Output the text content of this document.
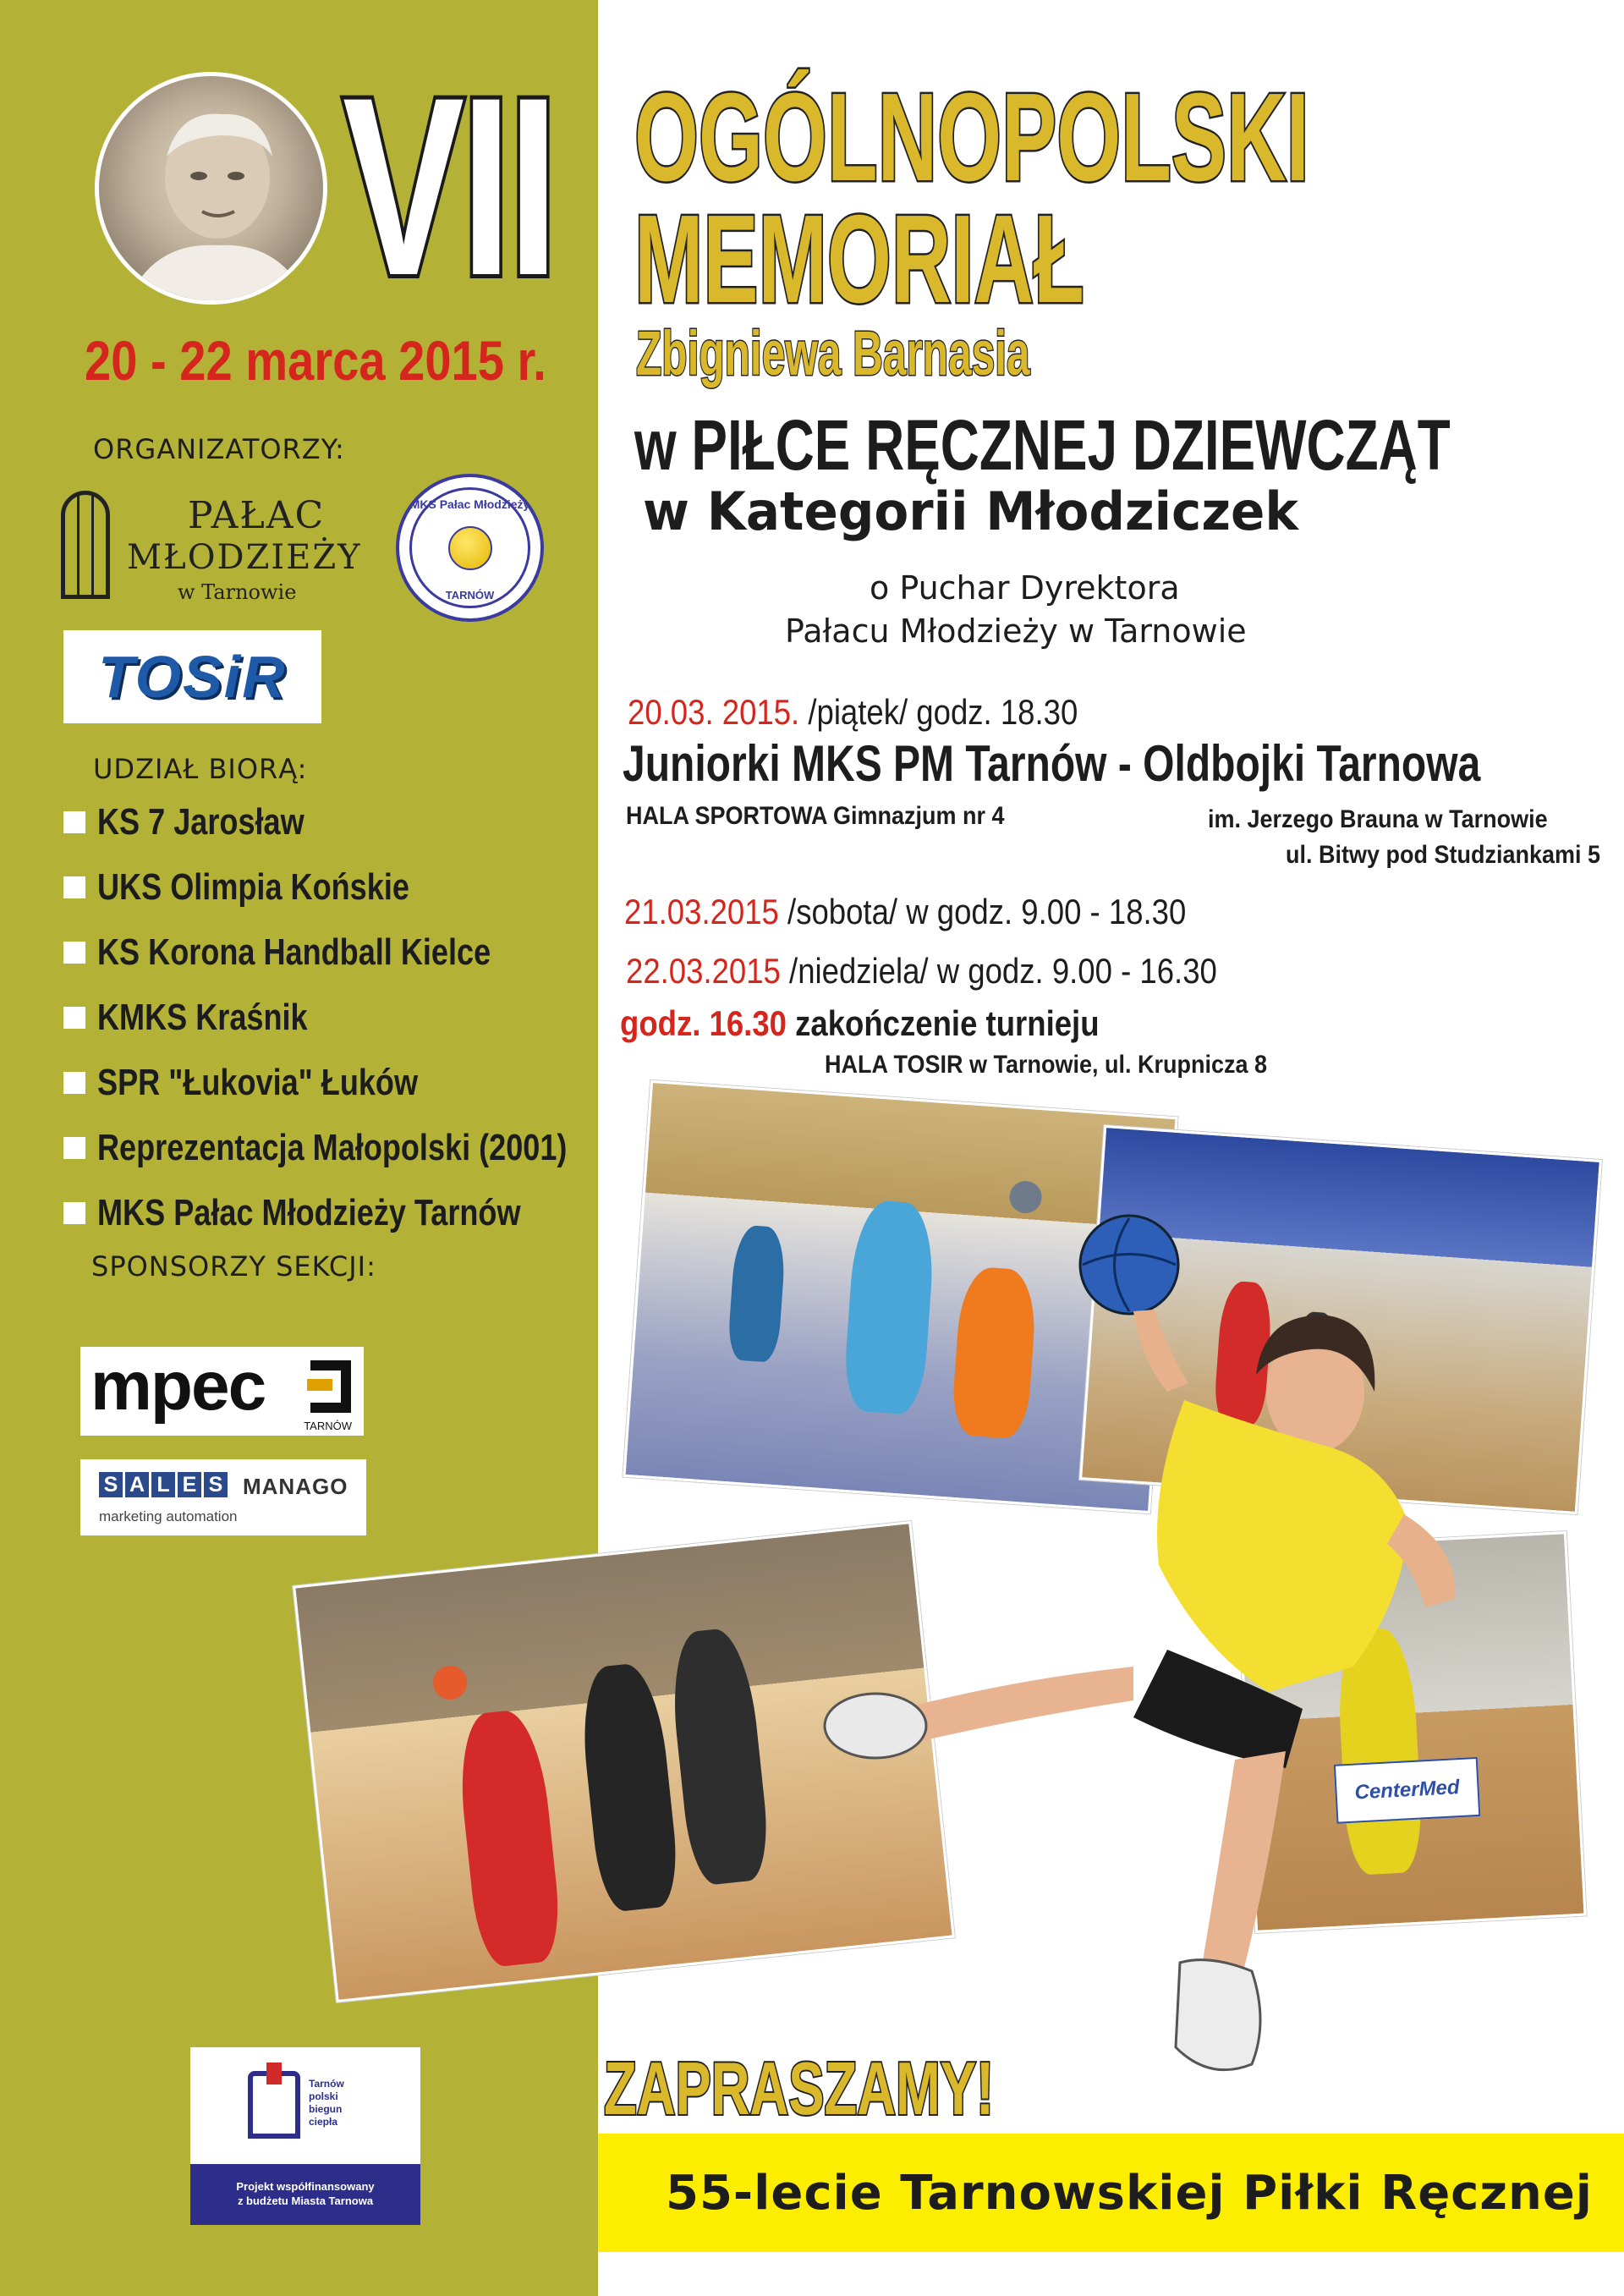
VII
20 - 22 marca 2015 r.
ORGANIZATORZY:
PAŁAC
MŁODZIEŻY
w Tarnowie
MKS Pałac Młodzieży
TARNÓW
TOSiR
UDZIAŁ BIORĄ:
KS 7 Jarosław
UKS Olimpia Końskie
KS Korona Handball Kielce
KMKS Kraśnik
SPR "Łukovia" Łuków
Reprezentacja Małopolski (2001)
MKS Pałac Młodzieży Tarnów
SPONSORZY SEKCJI:
mpec
TARNÓW
S A L E S MANAGO
marketing automation
Tarnów
polski
biegun
ciepła
Projekt współfinansowany
z budżetu Miasta Tarnowa
OGÓLNOPOLSKI
MEMORIAŁ
Zbigniewa Barnasia
w PIŁCE RĘCZNEJ DZIEWCZĄT
w Kategorii Młodziczek
o Puchar Dyrektora
Pałacu Młodzieży w Tarnowie
20.03. 2015. /piątek/ godz. 18.30
Juniorki MKS PM Tarnów - Oldbojki Tarnowa
HALA SPORTOWA Gimnazjum nr 4	im. Jerzego Brauna w Tarnowie
ul. Bitwy pod Studziankami 5
21.03.2015 /sobota/ w godz. 9.00 - 18.30
22.03.2015 /niedziela/ w godz. 9.00 - 16.30
godz. 16.30 zakończenie turnieju
HALA TOSIR w Tarnowie, ul. Krupnicza 8
CenterMed
ZAPRASZAMY!
55-lecie Tarnowskiej Piłki Ręcznej
